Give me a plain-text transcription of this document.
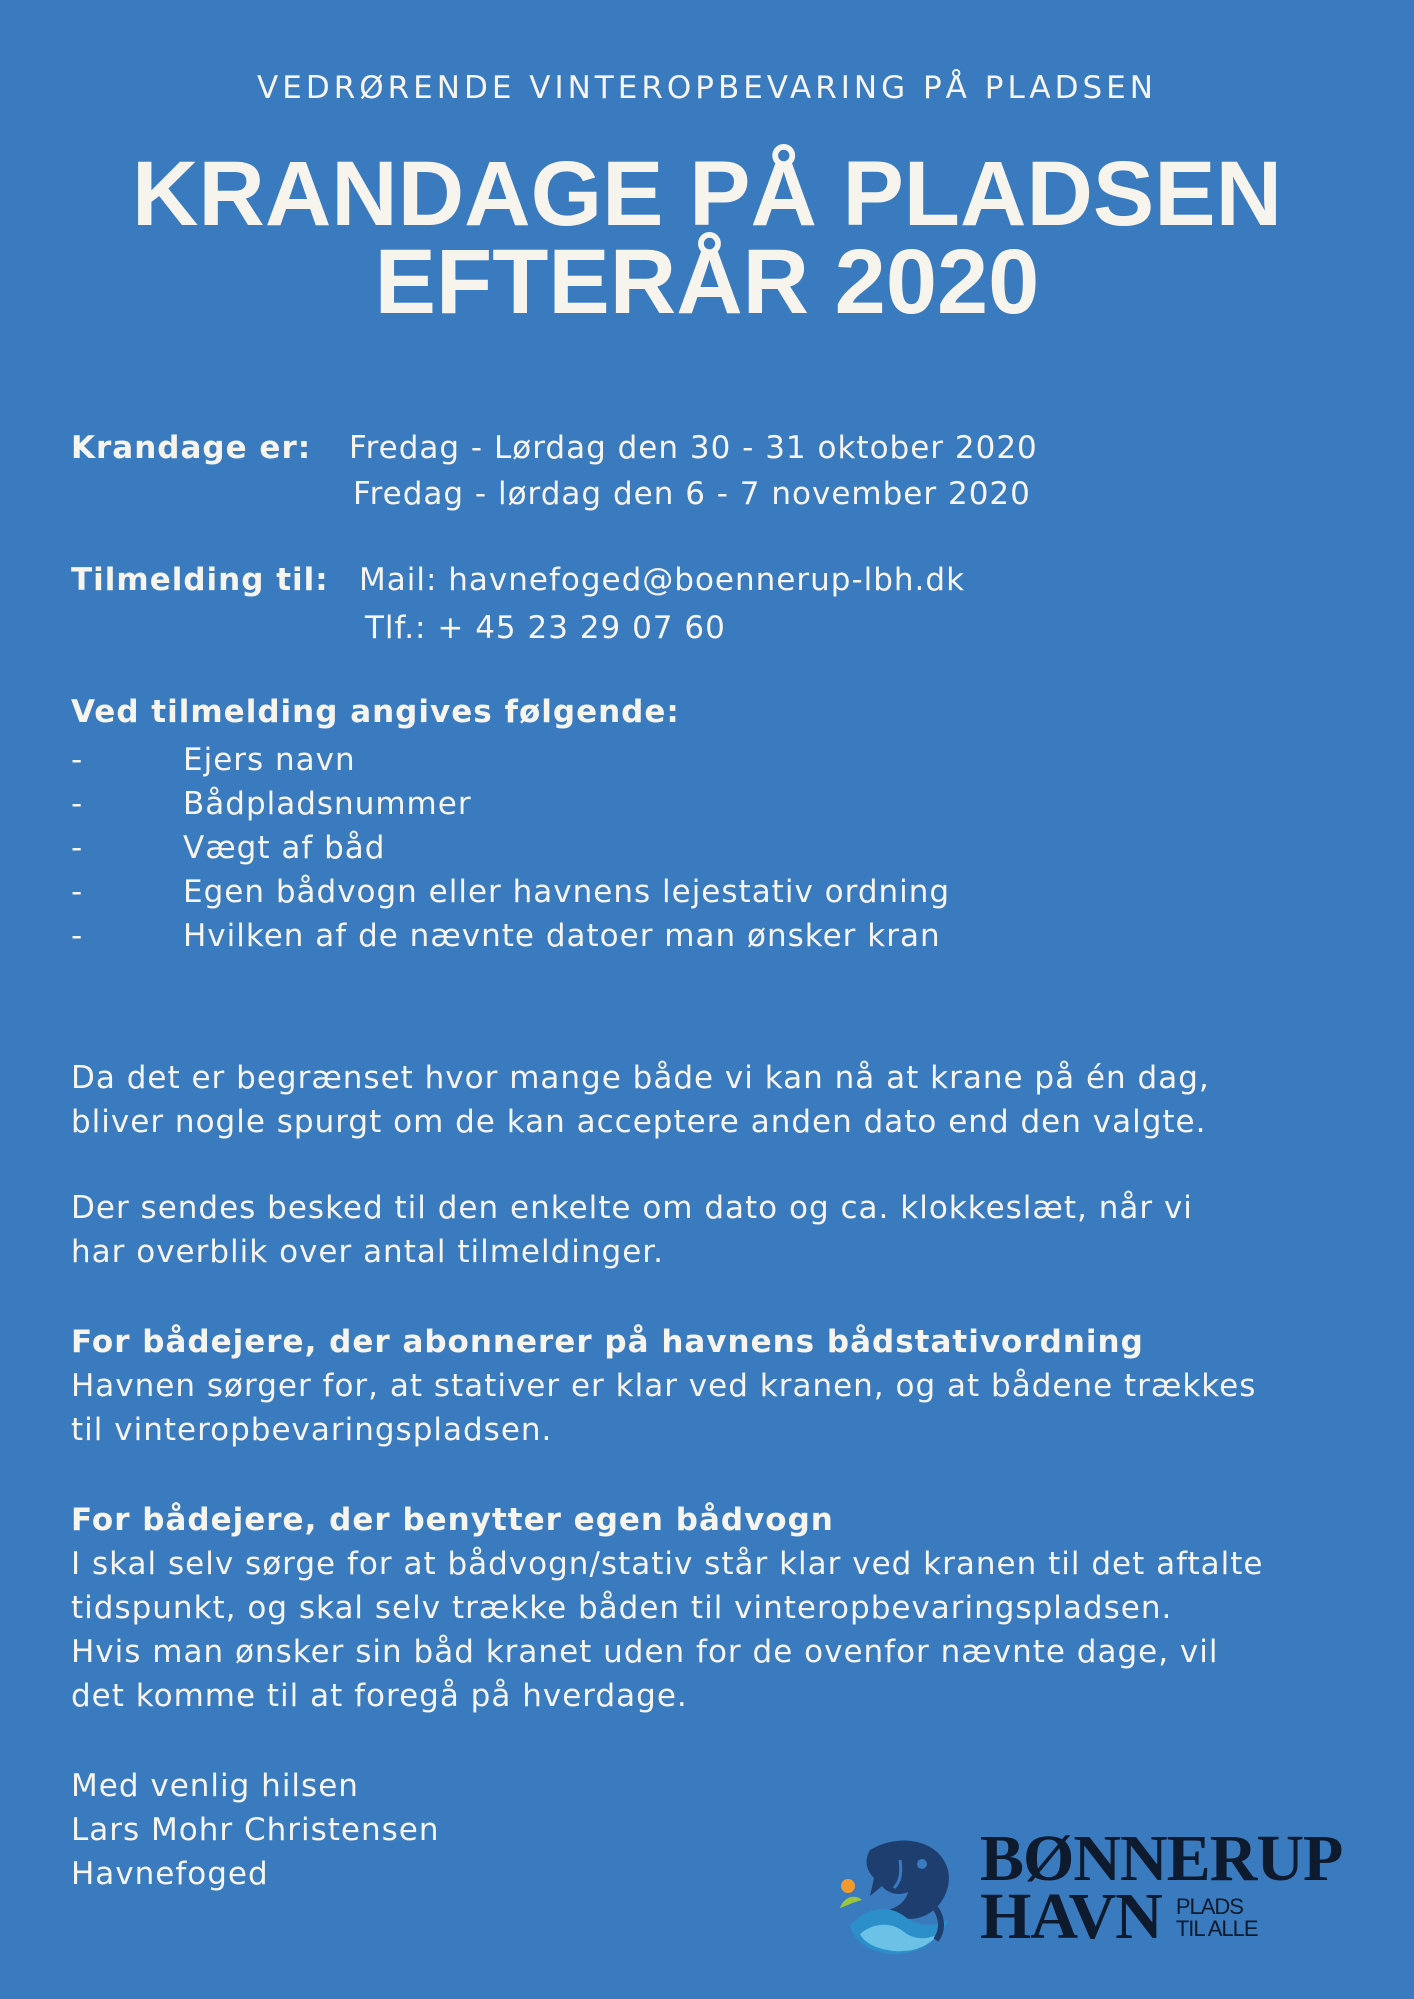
VEDRØRENDE VINTEROPBEVARING PÅ PLADSEN
KRANDAGE PÅ PLADSEN
EFTERÅR 2020
Krandage er: Fredag - Lørdag den 30 - 31 oktober 2020
Fredag - lørdag den 6 - 7 november 2020
Tilmelding til: Mail: havnefoged@boennerup-lbh.dk
Tlf.: + 45 23 29 07 60
Ved tilmelding angives følgende:
-	Ejers navn
-	Bådpladsnummer
-	Vægt af båd
-	Egen bådvogn eller havnens lejestativ ordning
-	Hvilken af de nævnte datoer man ønsker kran

Da det er begrænset hvor mange både vi kan nå at krane på én dag,

bliver nogle spurgt om de kan acceptere anden dato end den valgte.

Der sendes besked til den enkelte om dato og ca. klokkeslæt, når vi

har overblik over antal tilmeldinger.

For bådejere, der abonnerer på havnens bådstativordning

Havnen sørger for, at stativer er klar ved kranen, og at bådene trækkes

til vinteropbevaringspladsen.

For bådejere, der benytter egen bådvogn

I skal selv sørge for at bådvogn/stativ står klar ved kranen til det aftalte

tidspunkt, og skal selv trække båden til vinteropbevaringspladsen.

Hvis man ønsker sin båd kranet uden for de ovenfor nævnte dage, vil

det komme til at foregå på hverdage.

Med venlig hilsen
Lars Mohr Christensen
Havnefoged	BØNNERUP
HAVN PLADS
TIL ALLE
